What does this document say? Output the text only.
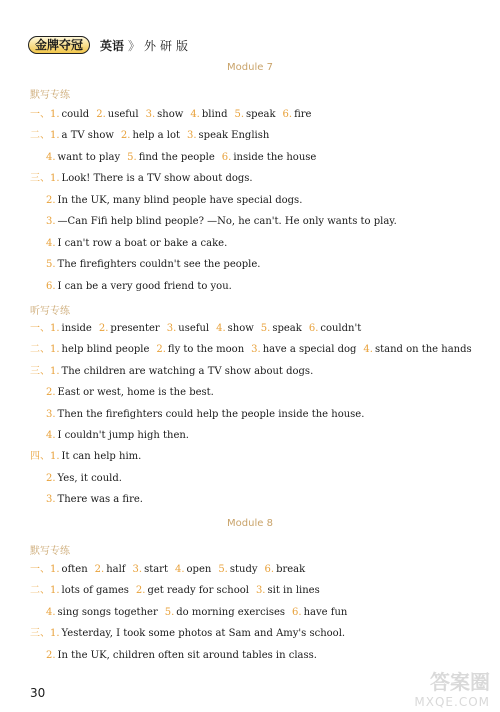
金牌夺冠	英语 》 外研版
Module 7
默写专练
一、1. could 2. useful 3. show 4. blind 5. speak 6. fire
二、1. a TV show 2. help a lot 3. speak English
4. want to play 5. find the people 6. inside the house
三、1. Look! There is a TV show about dogs.
2. In the UK, many blind people have special dogs.
3. —Can Fifi help blind people? —No, he can't. He only wants to play.
4. I can't row a boat or bake a cake.
5. The firefighters couldn't see the people.
6. I can be a very good friend to you.
听写专练
一、1. inside 2. presenter 3. useful 4. show 5. speak 6. couldn't
二、1. help blind people 2. fly to the moon 3. have a special dog 4. stand on the hands
三、1. The children are watching a TV show about dogs.
2. East or west, home is the best.
3. Then the firefighters could help the people inside the house.
4. I couldn't jump high then.
四、1. It can help him.
2. Yes, it could.
3. There was a fire.
Module 8
默写专练
一、1. often 2. half 3. start 4. open 5. study 6. break
二、1. lots of games 2. get ready for school 3. sit in lines
4. sing songs together 5. do morning exercises 6. have fun
三、1. Yesterday, I took some photos at Sam and Amy's school.
2. In the UK, children often sit around tables in class.
30	答案圈
MXQE.COM
